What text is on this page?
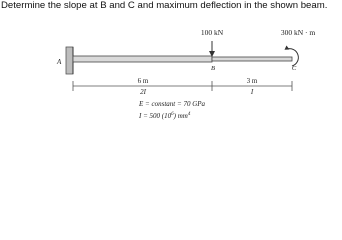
Determine the slope at B and C and maximum deflection in the shown beam.
A
100 kN
B
300 kN · m
C
6 m
2I
3 m
I
E = constant = 70 GPa
I = 500 $(10^6)$ $mm^4$
